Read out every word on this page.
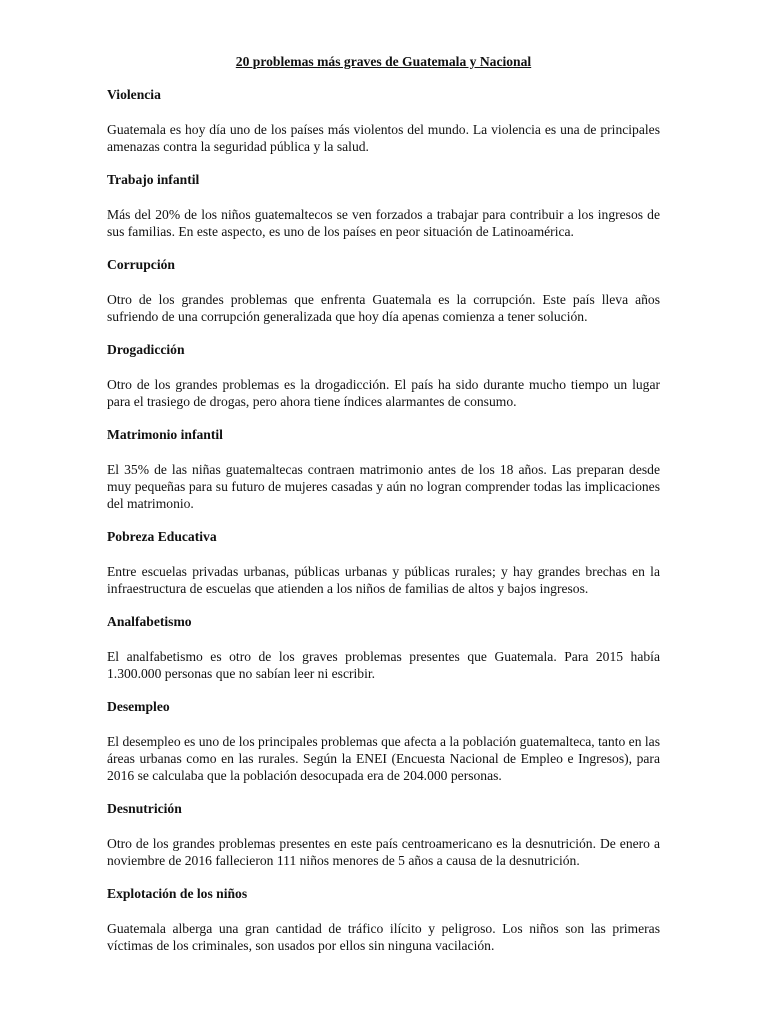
20 problemas más graves de Guatemala y Nacional
Violencia
Guatemala es hoy día uno de los países más violentos del mundo. La violencia es una de principales amenazas contra la seguridad pública y la salud.
Trabajo infantil
Más del 20% de los niños guatemaltecos se ven forzados a trabajar para contribuir a los ingresos de sus familias. En este aspecto, es uno de los países en peor situación de Latinoamérica.
Corrupción
Otro de los grandes problemas que enfrenta Guatemala es la corrupción. Este país lleva años sufriendo de una corrupción generalizada que hoy día apenas comienza a tener solución.
Drogadicción
Otro de los grandes problemas es la drogadicción. El país ha sido durante mucho tiempo un lugar para el trasiego de drogas, pero ahora tiene índices alarmantes de consumo.
Matrimonio infantil
El 35% de las niñas guatemaltecas contraen matrimonio antes de los 18 años. Las preparan desde muy pequeñas para su futuro de mujeres casadas y aún no logran comprender todas las implicaciones del matrimonio.
Pobreza Educativa
Entre escuelas privadas urbanas, públicas urbanas y públicas rurales; y hay grandes brechas en la infraestructura de escuelas que atienden a los niños de familias de altos y bajos ingresos.
Analfabetismo
El analfabetismo es otro de los graves problemas presentes que Guatemala. Para 2015 había 1.300.000 personas que no sabían leer ni escribir.
Desempleo
El desempleo es uno de los principales problemas que afecta a la población guatemalteca, tanto en las áreas urbanas como en las rurales. Según la ENEI (Encuesta Nacional de Empleo e Ingresos), para 2016 se calculaba que la población desocupada era de 204.000 personas.
Desnutrición
Otro de los grandes problemas presentes en este país centroamericano es la desnutrición. De enero a noviembre de 2016 fallecieron 111 niños menores de 5 años a causa de la desnutrición.
Explotación de los niños
Guatemala alberga una gran cantidad de tráfico ilícito y peligroso. Los niños son las primeras víctimas de los criminales, son usados por ellos sin ninguna vacilación.
